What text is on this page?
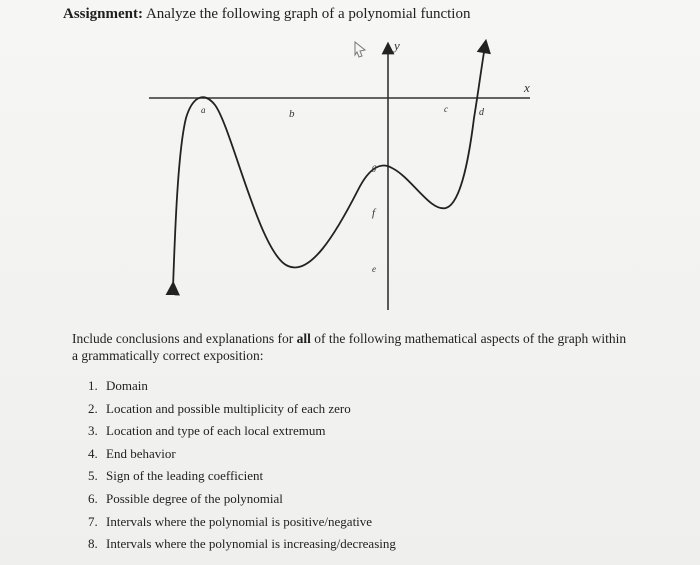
Assignment: Analyze the following graph of a polynomial function
x
y
a	b	c	d
e
f
g
Include conclusions and explanations for all of the following mathematical aspects of the graph within a grammatically correct exposition:
1. Domain
2. Location and possible multiplicity of each zero
3. Location and type of each local extremum
4. End behavior
5. Sign of the leading coefficient
6. Possible degree of the polynomial
7. Intervals where the polynomial is positive/negative
8. Intervals where the polynomial is increasing/decreasing
